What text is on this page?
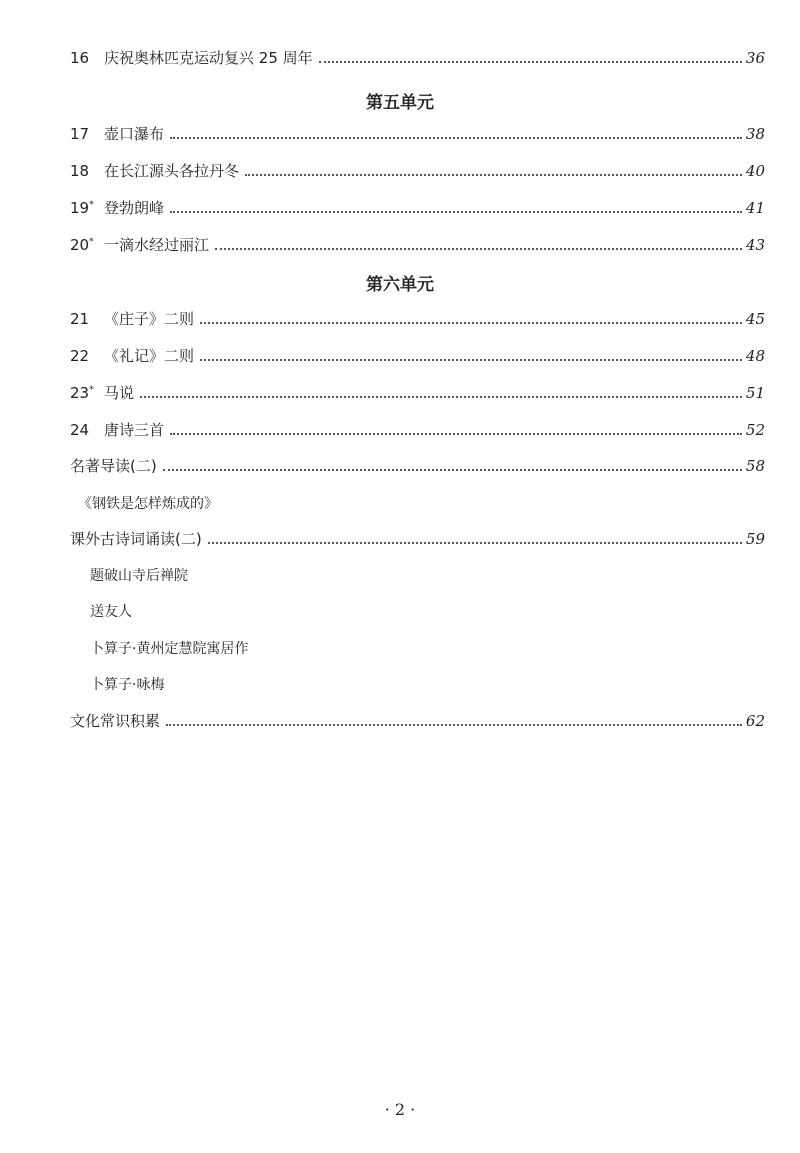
16 庆祝奥林匹克运动复兴 25 周年	36
第五单元
17 壶口瀑布	38
18 在长江源头各拉丹冬	40
19* 登勃朗峰	41
20* 一滴水经过丽江	43
第六单元
21 《庄子》二则	45
22 《礼记》二则	48
23* 马说	51
24 唐诗三首	52
名著导读(二)	58
《钢铁是怎样炼成的》
课外古诗词诵读(二)	59
题破山寺后禅院
送友人
卜算子·黄州定慧院寓居作
卜算子·咏梅
文化常识积累	62
· 2 ·
